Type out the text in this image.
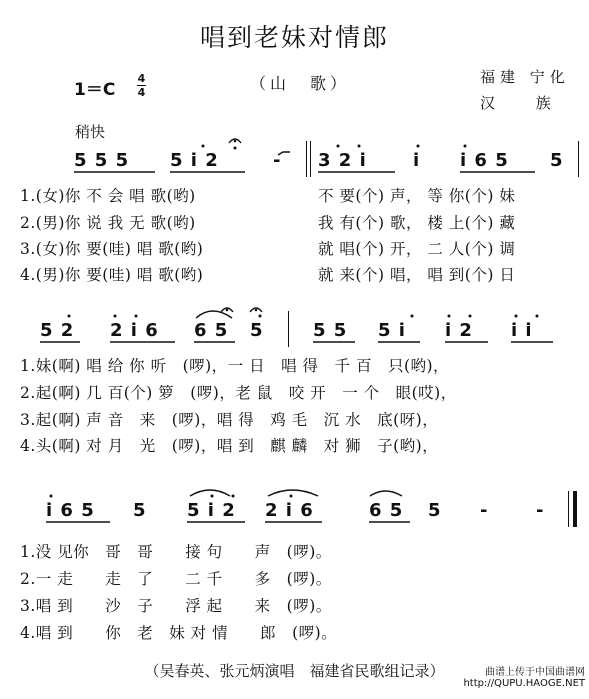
唱到老妹对情郎
1＝C
4
4	（山　歌）	福建 宁化
汉 族
稍快
5 5 5 5 i 2	- 3 2 i	i i 6 5 5
1.(女)你 不 会 唱 歌(哟)	不 要(个) 声， 等 你(个) 妹
2.(男)你 说 我 无 歌(哟)	我 有(个) 歌， 楼 上(个) 藏
3.(女)你 要(哇) 唱 歌(哟)	就 唱(个) 开， 二 人(个) 调
4.(男)你 要(哇) 唱 歌(哟)	就 来(个) 唱， 唱 到(个) 日
5 2 2 i 6 6 5 5	5 5 5 i i 2 i i
1.妹(啊) 唱 给 你 听　(啰)，一 日　唱 得　千 百　只(哟)，
2.起(啊) 几 百(个) 箩　(啰)，老 鼠　咬 开　一 个　眼(哎)，
3.起(啊) 声 音　来　(啰)，唱 得　鸡 毛　沉 水　底(呀)，
4.头(啊) 对 月　光　(啰)，唱 到　麒 麟　对 狮　子(哟)，
i 6 5 5 5 i 2 2 i 6	6 5 5 -	-
1.没 见你　哥　哥　　接 句　　声　(啰)。
2.一 走　　走　了　　二 千　　多　(啰)。
3.唱 到　　沙　子　　浮 起　　来　(啰)。
4.唱 到　　你　老　妹 对 情　　郎　(啰)。
（吴春英、张元炳演唱　福建省民歌组记录）	曲谱上传于中国曲谱网
http://QUPU.HAOGE.NET
